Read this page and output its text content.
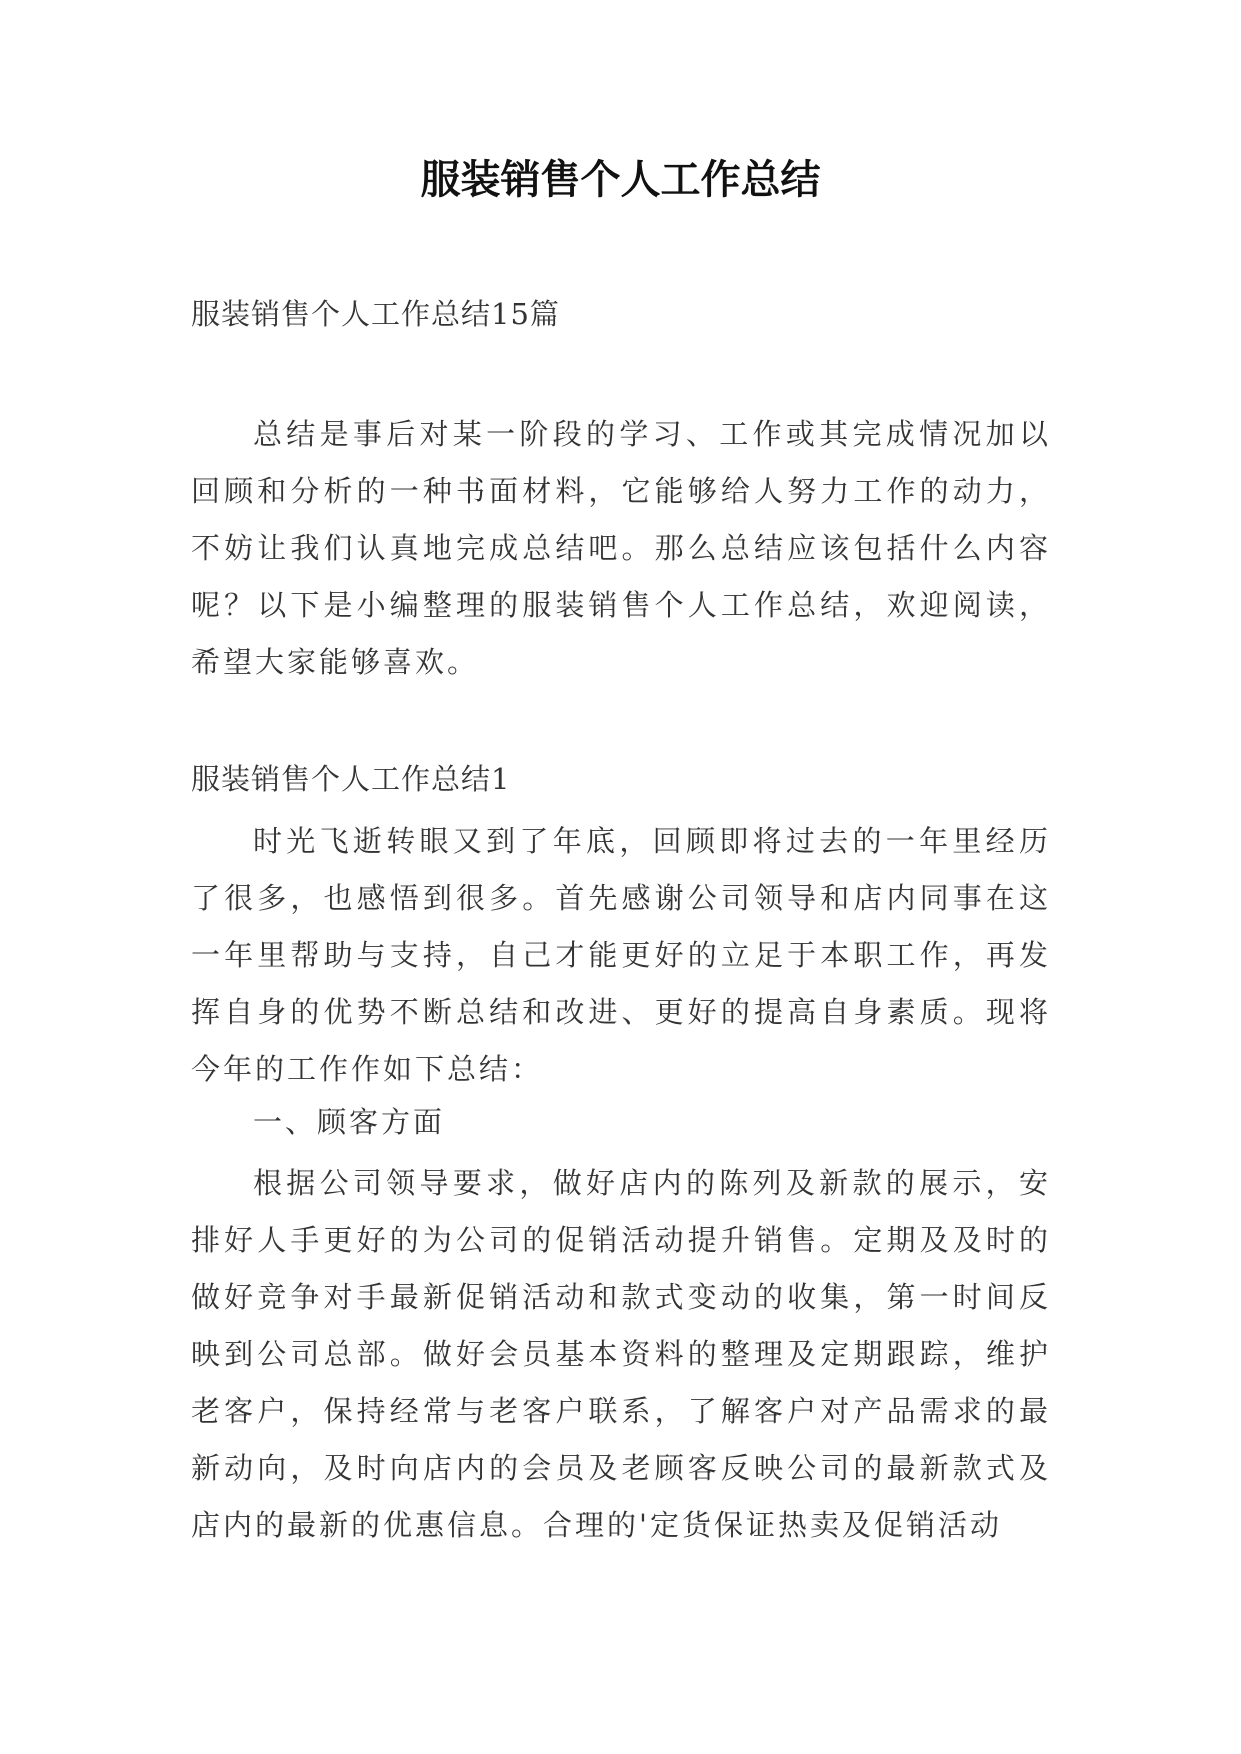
服装销售个人工作总结

服装销售个人工作总结15篇

总结是事后对某一阶段的学习、工作或其完成情况加以回顾和分析的一种书面材料，它能够给人努力工作的动力，不妨让我们认真地完成总结吧。那么总结应该包括什么内容呢？以下是小编整理的服装销售个人工作总结，欢迎阅读，希望大家能够喜欢。

服装销售个人工作总结1

时光飞逝转眼又到了年底，回顾即将过去的一年里经历了很多，也感悟到很多。首先感谢公司领导和店内同事在这一年里帮助与支持，自己才能更好的立足于本职工作，再发挥自身的优势不断总结和改进、更好的提高自身素质。现将今年的工作作如下总结：

一、顾客方面

根据公司领导要求，做好店内的陈列及新款的展示，安排好人手更好的为公司的促销活动提升销售。定期及及时的做好竞争对手最新促销活动和款式变动的收集，第一时间反映到公司总部。做好会员基本资料的整理及定期跟踪，维护老客户，保持经常与老客户联系，了解客户对产品需求的最新动向，及时向店内的会员及老顾客反映公司的最新款式及店内的最新的优惠信息。合理的'定货保证热卖及促销活动
